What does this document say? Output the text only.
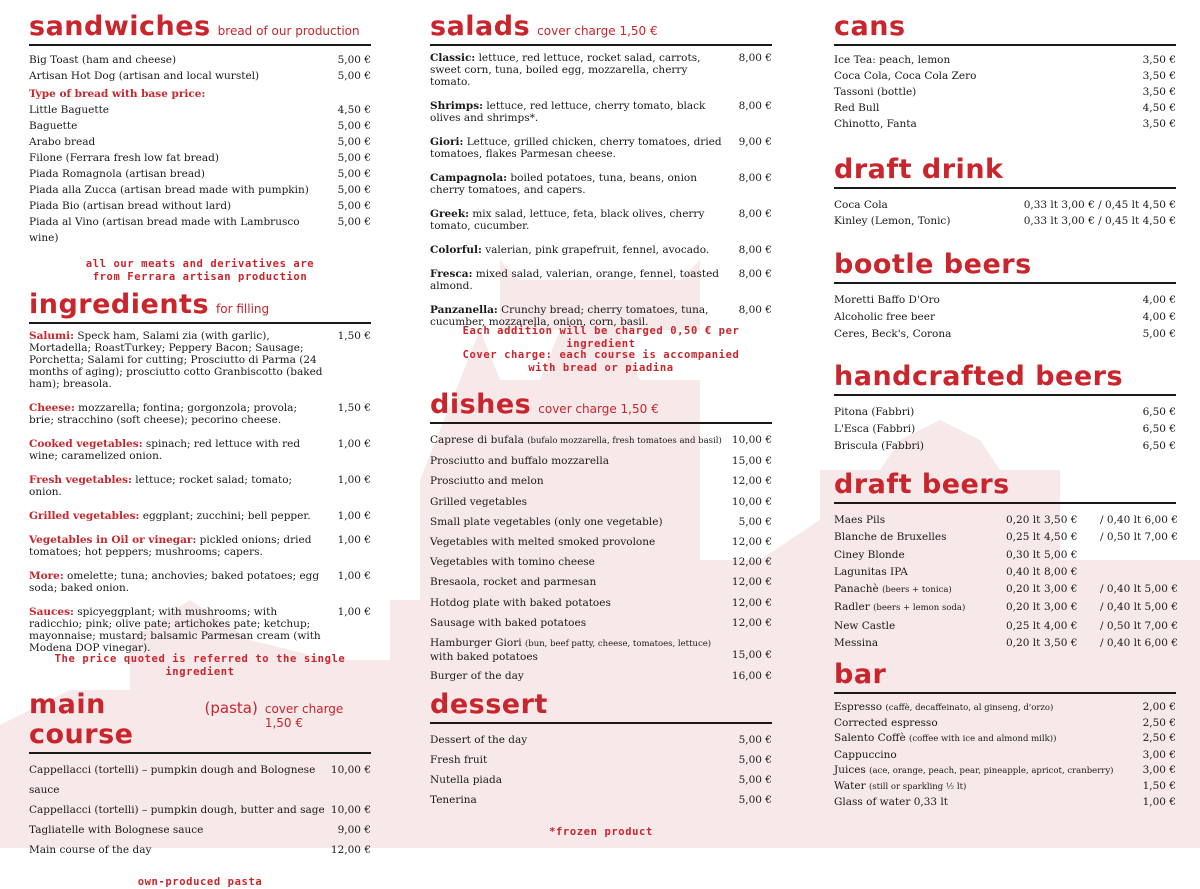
sandwiches bread of our production
Big Toast (ham and cheese)	5,00 €
Artisan Hot Dog (artisan and local wurstel)	5,00 €
Type of bread with base price:
Little Baguette	4,50 €
Baguette	5,00 €
Arabo bread	5,00 €
Filone (Ferrara fresh low fat bread)	5,00 €
Piada Romagnola (artisan bread)	5,00 €
Piada alla Zucca (artisan bread made with pumpkin)	5,00 €
Piada Bio (artisan bread without lard)	5,00 €
Piada al Vino (artisan bread made with Lambrusco wine)
5,00 €
all our meats and derivatives are from Ferrara artisan production
ingredients for filling
Salumi: Speck ham, Salami zia (with garlic), Mortadella; RoastTurkey; Peppery Bacon; Sausage; Porchetta; Salami for cutting; Prosciutto di Parma (24 months of aging); prosciutto cotto Granbiscotto (baked ham); breasola.
1,50 €
Cheese: mozzarella; fontina; gorgonzola; provola; brie; stracchino (soft cheese); pecorino cheese.
1,50 €
Cooked vegetables: spinach; red lettuce with red wine; caramelized onion.
1,00 €
Fresh vegetables: lettuce; rocket salad; tomato; onion.
1,00 €
Grilled vegetables: eggplant; zucchini; bell pepper.	1,00 €
Vegetables in Oil or vinegar: pickled onions; dried tomatoes; hot peppers; mushrooms; capers.
1,00 €
More: omelette; tuna; anchovies; baked potatoes; egg soda; baked onion.
1,00 €
Sauces: spicyeggplant; with mushrooms; with radicchio; pink; olive pate; artichokes pate; ketchup; mayonnaise; mustard; balsamic Parmesan cream (with Modena DOP vinegar).
1,00 €
The price quoted is referred to the single ingredient
main course
(pasta) cover charge 1,50 €
Cappellacci (tortelli) – pumpkin dough and Bolognese sauce
10,00 €
Cappellacci (tortelli) – pumpkin dough, butter and sage 10,00 €
Tagliatelle with Bolognese sauce	9,00 €
Main course of the day	12,00 €
own-produced pasta
salads cover charge 1,50 €
Classic: lettuce, red lettuce, rocket salad, carrots, sweet corn, tuna, boiled egg, mozzarella, cherry tomato.
8,00 €
Shrimps: lettuce, red lettuce, cherry tomato, black olives and shrimps*.
8,00 €
Giori: Lettuce, grilled chicken, cherry tomatoes, dried tomatoes, flakes Parmesan cheese.
9,00 €
Campagnola: boiled potatoes, tuna, beans, onion cherry tomatoes, and capers.
8,00 €
Greek: mix salad, lettuce, feta, black olives, cherry tomato, cucumber.
8,00 €
Colorful: valerian, pink grapefruit, fennel, avocado.	8,00 €
Fresca: mixed salad, valerian, orange, fennel, toasted almond.
8,00 €
Panzanella: Crunchy bread; cherry tomatoes, tuna, cucumber, mozzarella, onion, corn, basil.
8,00 €
Each addition will be charged 0,50 € per ingredient
Cover charge: each course is accompanied with bread or piadina
dishes cover charge 1,50 €
Caprese di bufala (bufalo mozzarella, fresh tomatoes and basil) 10,00 €
Prosciutto and buffalo mozzarella	15,00 €
Prosciutto and melon	12,00 €
Grilled vegetables	10,00 €
Small plate vegetables (only one vegetable)	5,00 €
Vegetables with melted smoked provolone	12,00 €
Vegetables with tomino cheese	12,00 €
Bresaola, rocket and parmesan	12,00 €
Hotdog plate with baked potatoes	12,00 €
Sausage with baked potatoes	12,00 €
Hamburger Giori (bun, beef patty, cheese, tomatoes, lettuce)
with baked potatoes	15,00 €
Burger of the day	16,00 €
dessert
Dessert of the day	5,00 €
Fresh fruit	5,00 €
Nutella piada	5,00 €
Tenerina	5,00 €
*frozen product
cans
Ice Tea: peach, lemon	3,50 €
Coca Cola, Coca Cola Zero	3,50 €
Tassoni (bottle)	3,50 €
Red Bull	4,50 €
Chinotto, Fanta	3,50 €
draft drink
Coca Cola	0,33 lt 3,00 € / 0,45 lt 4,50 €
Kinley (Lemon, Tonic)	0,33 lt 3,00 € / 0,45 lt 4,50 €
bootle beers
Moretti Baffo D'Oro	4,00 €
Alcoholic free beer	4,00 €
Ceres, Beck's, Corona	5,00 €
handcrafted beers
Pitona (Fabbri)	6,50 €
L'Esca (Fabbri)	6,50 €
Briscula (Fabbri)	6,50 €
draft beers
Maes Pils	0,20 lt 3,50 €	/ 0,40 lt 6,00 €
Blanche de Bruxelles	0,25 lt 4,50 €	/ 0,50 lt 7,00 €
Ciney Blonde	0,30 lt 5,00 €
Lagunitas IPA	0,40 lt 8,00 €
Panachè (beers + tonica)	0,20 lt 3,00 €	/ 0,40 lt 5,00 €
Radler (beers + lemon soda)	0,20 lt 3,00 €	/ 0,40 lt 5,00 €
New Castle	0,25 lt 4,00 €	/ 0,50 lt 7,00 €
Messina	0,20 lt 3,50 €	/ 0,40 lt 6,00 €
bar
Espresso (caffè, decaffeinato, al ginseng, d'orzo)	2,00 €
Corrected espresso	2,50 €
Salento Coffè (coffee with ice and almond milk))	2,50 €
Cappuccino	3,00 €
Juices (ace, orange, peach, pear, pineapple, apricot, cranberry)	3,00 €
Water (still or sparkling ½ lt)	1,50 €
Glass of water 0,33 lt	1,00 €
